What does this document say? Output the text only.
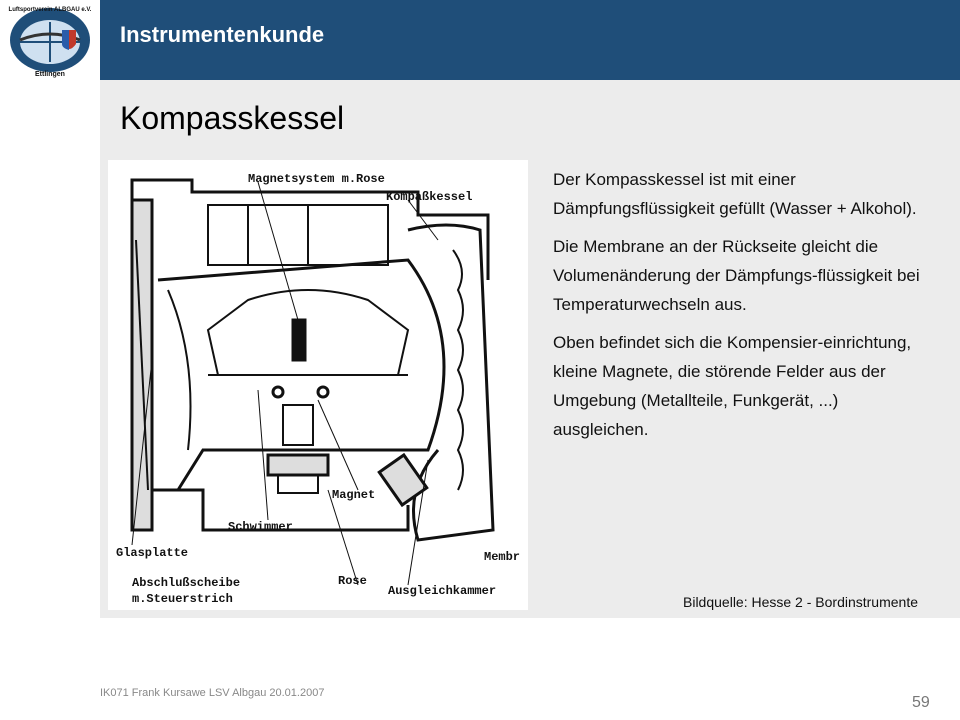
Instrumentenkunde
Luftsportverein ALBGAU e.V.
Ettlingen
Kompasskessel
Magnetsystem m.Rose
Kompaßkessel
Magnet
Schwimmer
Glasplatte	Membr
Abschlußscheibe
m.Steuerstrich
Rose
Ausgleichkammer

Der Kompasskessel ist mit einer Dämpfungsflüssigkeit gefüllt (Wasser + Alkohol).

Die Membrane an der Rückseite gleicht die Volumenänderung der Dämpfungs-flüssigkeit bei Temperaturwechseln aus.

Oben befindet sich die Kompensier-einrichtung, kleine Magnete, die störende Felder aus der Umgebung (Metallteile, Funkgerät, ...) ausgleichen.

Bildquelle: Hesse 2 - Bordinstrumente
IK071 Frank Kursawe LSV Albgau 20.01.2007
59
